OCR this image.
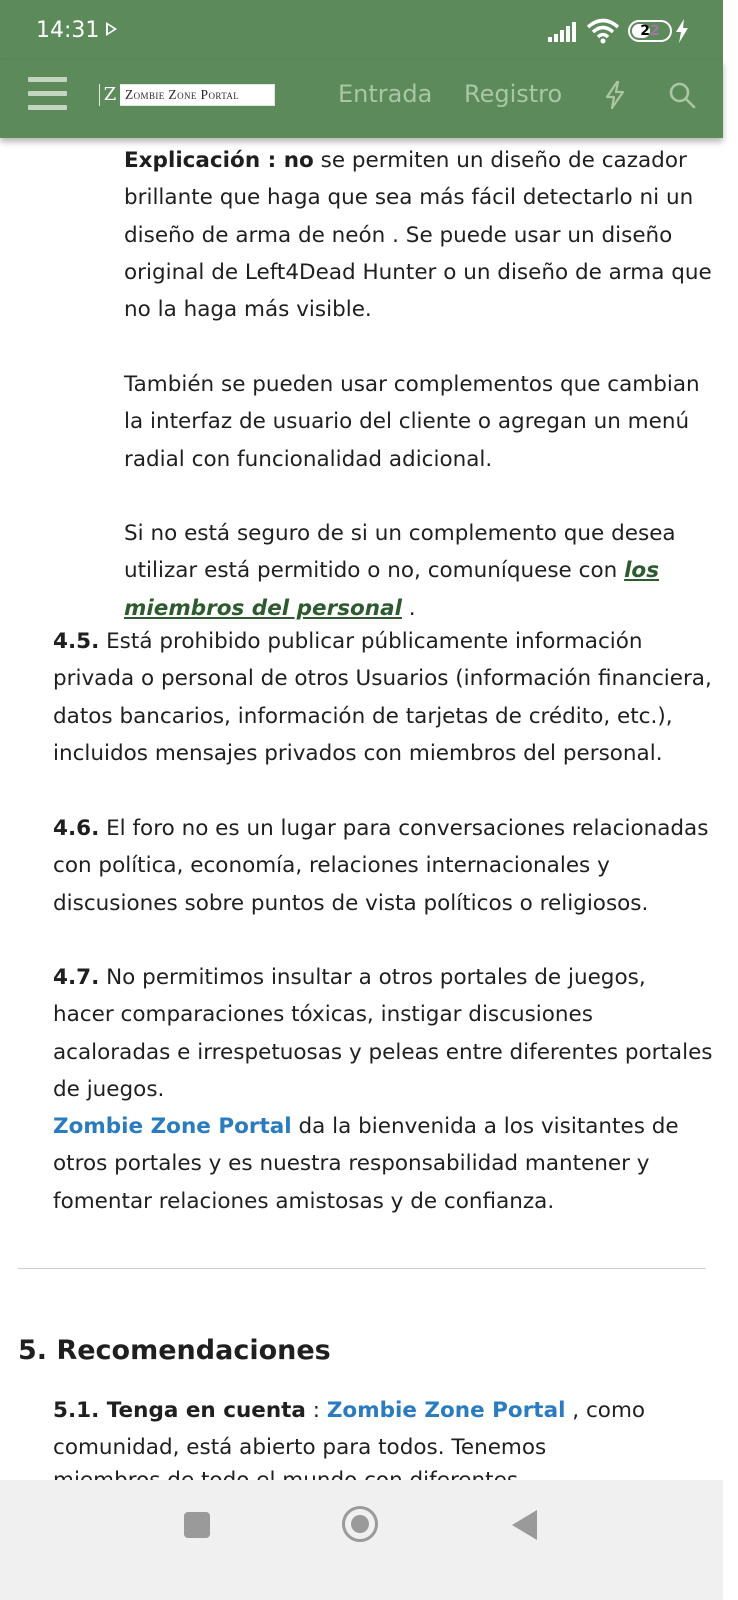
14:31	22
Z Zombie Zone Portal	Entrada Registro

Explicación : no se permiten un diseño de cazador brillante que haga que sea más fácil detectarlo ni un diseño de arma de neón . Se puede usar un diseño original de Left4Dead Hunter o un diseño de arma que no la haga más visible.

También se pueden usar complementos que cambian la interfaz de usuario del cliente o agregan un menú radial con funcionalidad adicional.

Si no está seguro de si un complemento que desea utilizar está permitido o no, comuníquese con los miembros del personal .

4.5. Está prohibido publicar públicamente información privada o personal de otros Usuarios (información financiera, datos bancarios, información de tarjetas de crédito, etc.), incluidos mensajes privados con miembros del personal.

4.6. El foro no es un lugar para conversaciones relacionadas con política, economía, relaciones internacionales y discusiones sobre puntos de vista políticos o religiosos.

4.7. No permitimos insultar a otros portales de juegos, hacer comparaciones tóxicas, instigar discusiones acaloradas e irrespetuosas y peleas entre diferentes portales de juegos.

Zombie Zone Portal da la bienvenida a los visitantes de otros portales y es nuestra responsabilidad mantener y fomentar relaciones amistosas y de confianza.

5. Recomendaciones

5.1. Tenga en cuenta : Zombie Zone Portal , como comunidad, está abierto para todos. Tenemos
